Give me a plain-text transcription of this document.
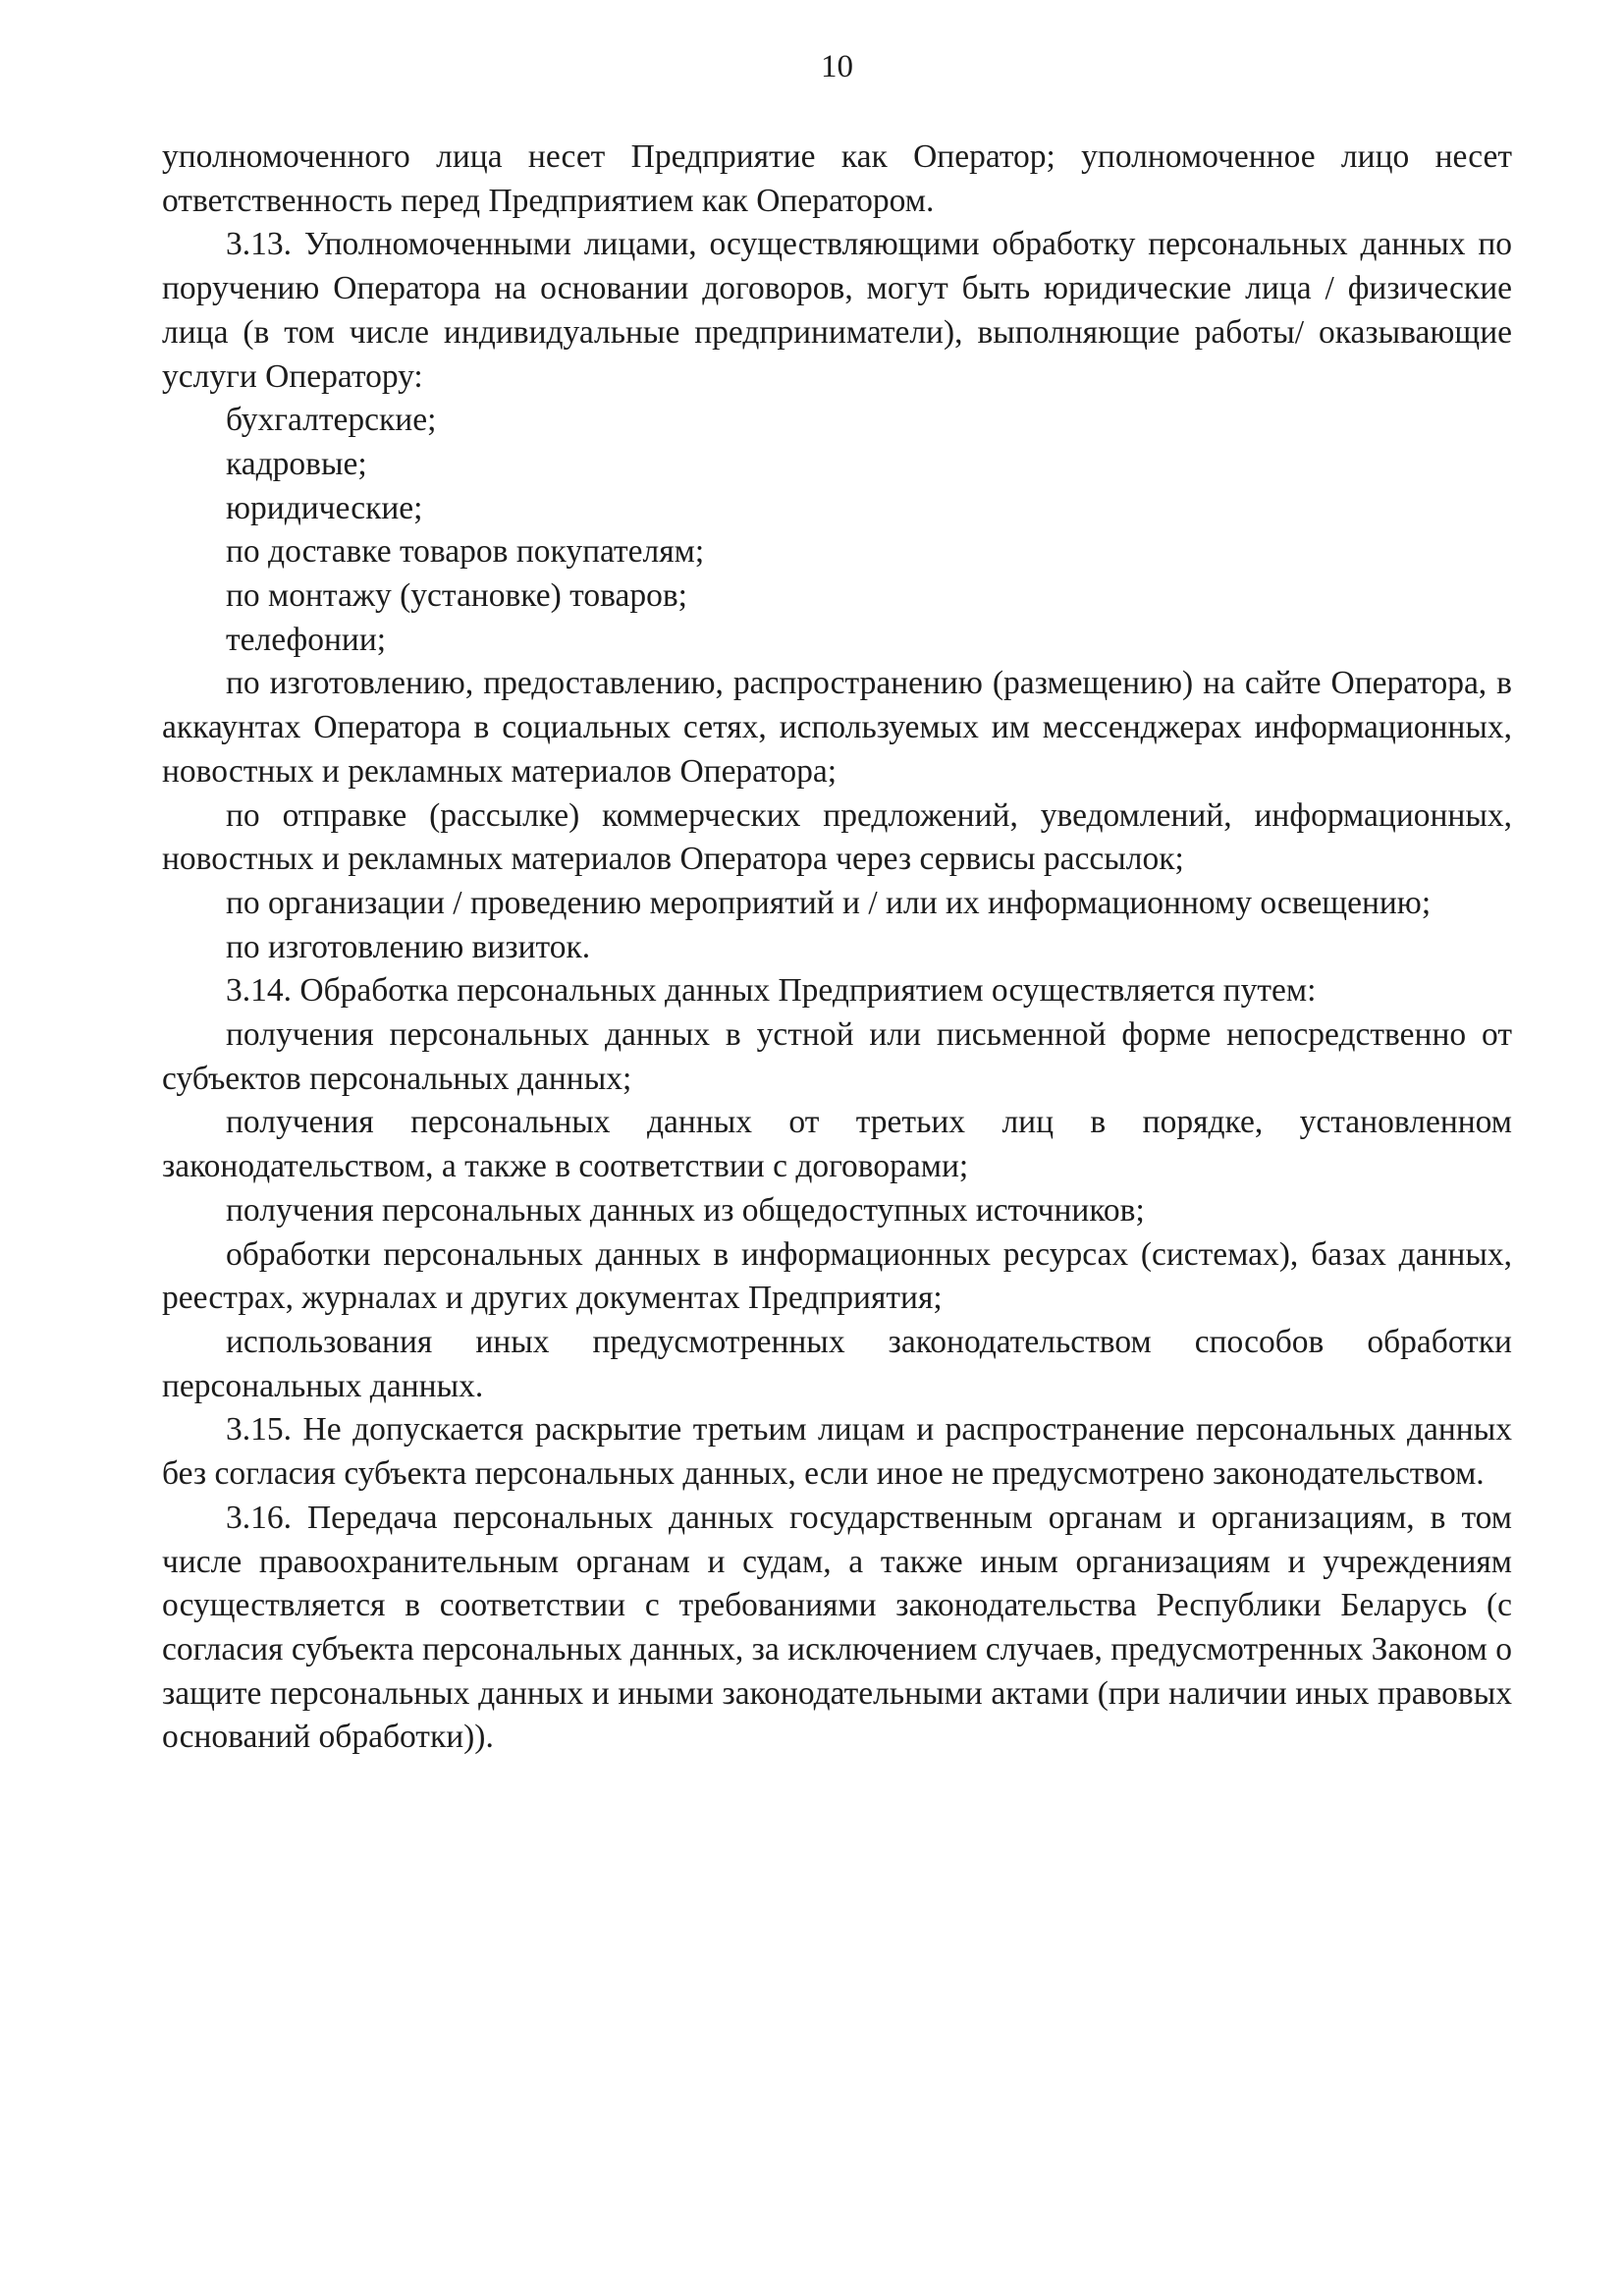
10

уполномоченного лица несет Предприятие как Оператор; уполномоченное лицо несет ответственность перед Предприятием как Оператором.

3.13. Уполномоченными лицами, осуществляющими обработку персональных данных по поручению Оператора на основании договоров, могут быть юридические лица / физические лица (в том числе индивидуальные предприниматели), выполняющие работы/ оказывающие услуги Оператору:

бухгалтерские;

кадровые;

юридические;

по доставке товаров покупателям;

по монтажу (установке) товаров;

телефонии;

по изготовлению, предоставлению, распространению (размещению) на сайте Оператора, в аккаунтах Оператора в социальных сетях, используемых им мессенджерах информационных, новостных и рекламных материалов Оператора;

по отправке (рассылке) коммерческих предложений, уведомлений, информационных, новостных и рекламных материалов Оператора через сервисы рассылок;

по организации / проведению мероприятий и / или их информационному освещению;

по изготовлению визиток.

3.14. Обработка персональных данных Предприятием осуществляется путем:

получения персональных данных в устной или письменной форме непосредственно от субъектов персональных данных;

получения персональных данных от третьих лиц в порядке, установленном законодательством, а также в соответствии с договорами;

получения персональных данных из общедоступных источников;

обработки персональных данных в информационных ресурсах (системах), базах данных, реестрах, журналах и других документах Предприятия;

использования иных предусмотренных законодательством способов обработки персональных данных.

3.15. Не допускается раскрытие третьим лицам и распространение персональных данных без согласия субъекта персональных данных, если иное не предусмотрено законодательством.

3.16. Передача персональных данных государственным органам и организациям, в том числе правоохранительным органам и судам, а также иным организациям и учреждениям осуществляется в соответствии с требованиями законодательства Республики Беларусь (с согласия субъекта персональных данных, за исключением случаев, предусмотренных Законом о защите персональных данных и иными законодательными актами (при наличии иных правовых оснований обработки)).
